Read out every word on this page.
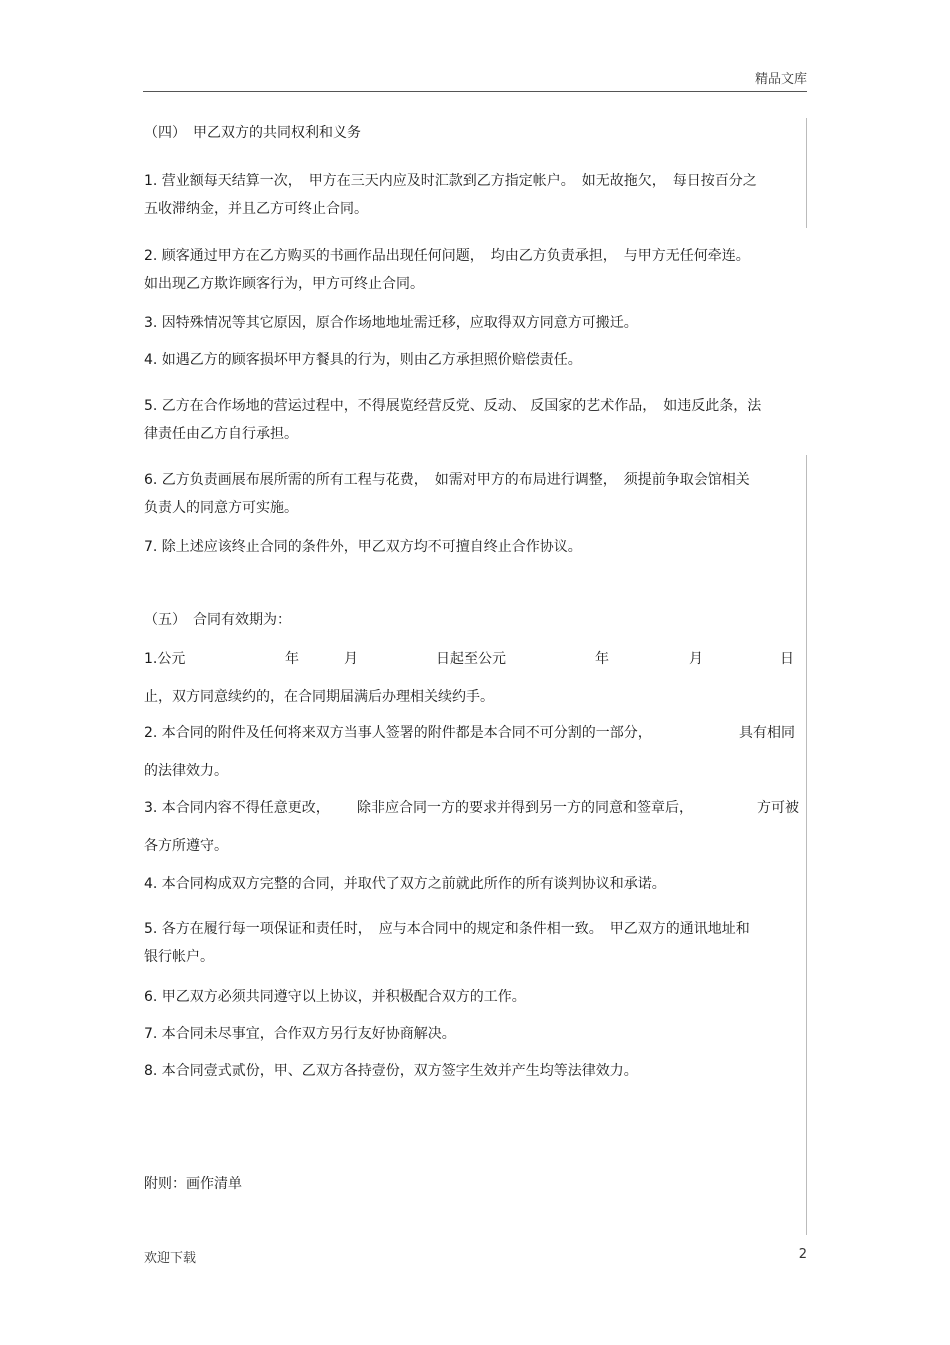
精品文库
（四）　甲乙双方的共同权利和义务
1. 营业额每天结算一次，　甲方在三天内应及时汇款到乙方指定帐户。　如无故拖欠，　每日按百分之
五收滞纳金，并且乙方可终止合同。
2. 顾客通过甲方在乙方购买的书画作品出现任何问题，　均由乙方负责承担，　与甲方无任何牵连。
如出现乙方欺诈顾客行为，甲方可终止合同。
3. 因特殊情况等其它原因，原合作场地地址需迁移，应取得双方同意方可搬迁。
4. 如遇乙方的顾客损坏甲方餐具的行为，则由乙方承担照价赔偿责任。
5. 乙方在合作场地的营运过程中，不得展览经营反党、反动、 反国家的艺术作品，　如违反此条，法
律责任由乙方自行承担。
6. 乙方负责画展布展所需的所有工程与花费，　如需对甲方的布局进行调整，　须提前争取会馆相关
负责人的同意方可实施。
7. 除上述应该终止合同的条件外，甲乙双方均不可擅自终止合作协议。
（五）　合同有效期为：
1.公元	年	月	日起至公元	年	月	日
止，双方同意续约的，在合同期届满后办理相关续约手。
2. 本合同的附件及任何将来双方当事人签署的附件都是本合同不可分割的一部分，	具有相同
的法律效力。
3. 本合同内容不得任意更改， 除非应合同一方的要求并得到另一方的同意和签章后，	方可被
各方所遵守。
4. 本合同构成双方完整的合同，并取代了双方之前就此所作的所有谈判协议和承诺。
5. 各方在履行每一项保证和责任时，　应与本合同中的规定和条件相一致。　甲乙双方的通讯地址和
银行帐户。
6. 甲乙双方必须共同遵守以上协议，并积极配合双方的工作。
7. 本合同未尽事宜，合作双方另行友好协商解决。
8. 本合同壹式贰份，甲、乙双方各持壹份，双方签字生效并产生均等法律效力。
附则：画作清单
欢迎下载	2
